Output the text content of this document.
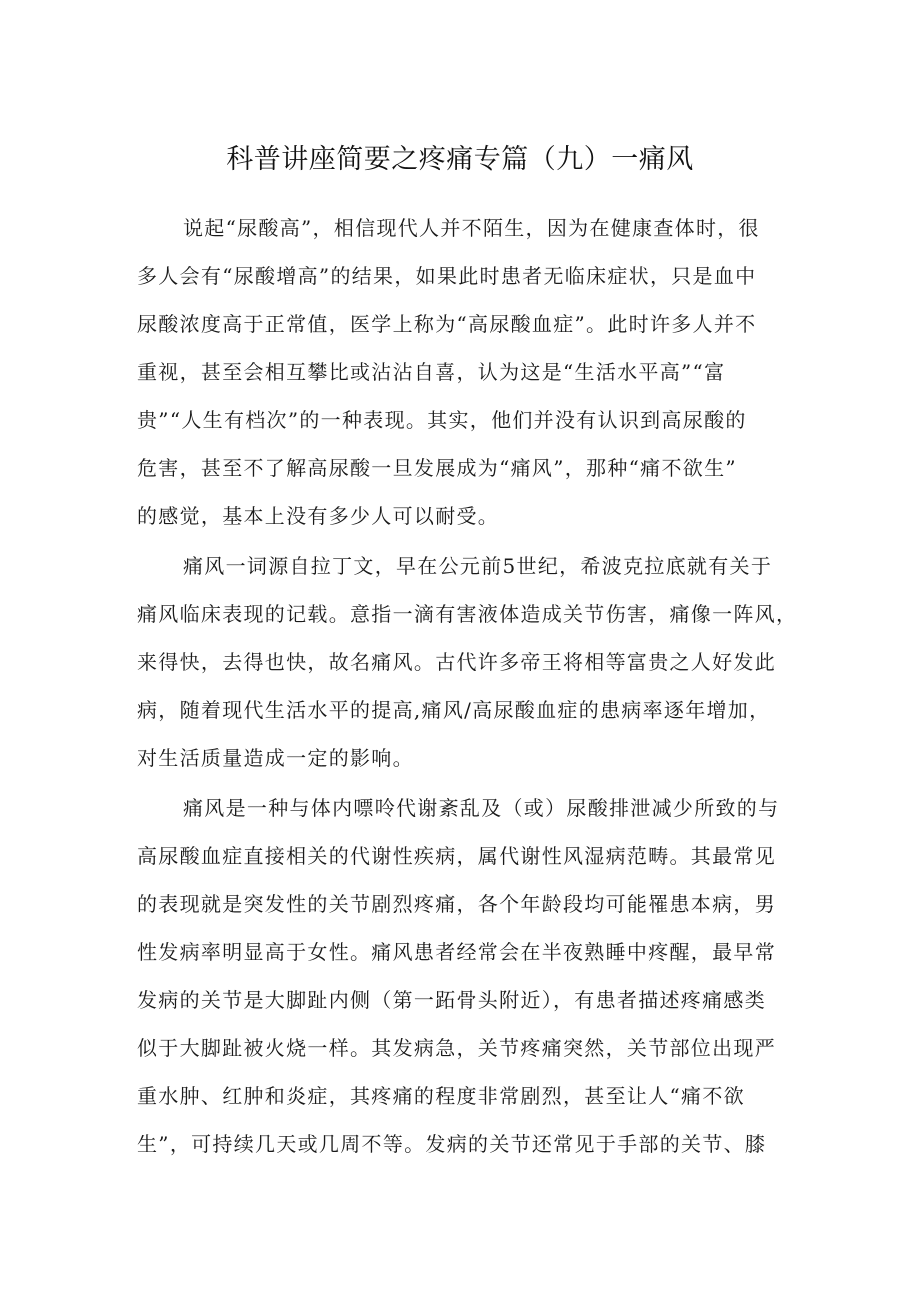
科普讲座简要之疼痛专篇（九）一痛风
说起“尿酸高”，相信现代人并不陌生，因为在健康查体时，很
多人会有“尿酸增高”的结果，如果此时患者无临床症状，只是血中
尿酸浓度高于正常值，医学上称为“高尿酸血症”。此时许多人并不
重视，甚至会相互攀比或沾沾自喜，认为这是“生活水平高”“富
贵”“人生有档次”的一种表现。其实，他们并没有认识到高尿酸的
危害，甚至不了解高尿酸一旦发展成为“痛风”，那种“痛不欲生”
的感觉，基本上没有多少人可以耐受。
痛风一词源自拉丁文，早在公元前5世纪，希波克拉底就有关于
痛风临床表现的记载。意指一滴有害液体造成关节伤害，痛像一阵风，
来得快，去得也快，故名痛风。古代许多帝王将相等富贵之人好发此
病，随着现代生活水平的提高,痛风/高尿酸血症的患病率逐年增加，
对生活质量造成一定的影响。
痛风是一种与体内嘌呤代谢紊乱及（或）尿酸排泄减少所致的与
高尿酸血症直接相关的代谢性疾病，属代谢性风湿病范畴。其最常见
的表现就是突发性的关节剧烈疼痛，各个年龄段均可能罹患本病，男
性发病率明显高于女性。痛风患者经常会在半夜熟睡中疼醒，最早常
发病的关节是大脚趾内侧（第一跖骨头附近），有患者描述疼痛感类
似于大脚趾被火烧一样。其发病急，关节疼痛突然，关节部位出现严
重水肿、红肿和炎症，其疼痛的程度非常剧烈，甚至让人“痛不欲
生”，可持续几天或几周不等。发病的关节还常见于手部的关节、膝
